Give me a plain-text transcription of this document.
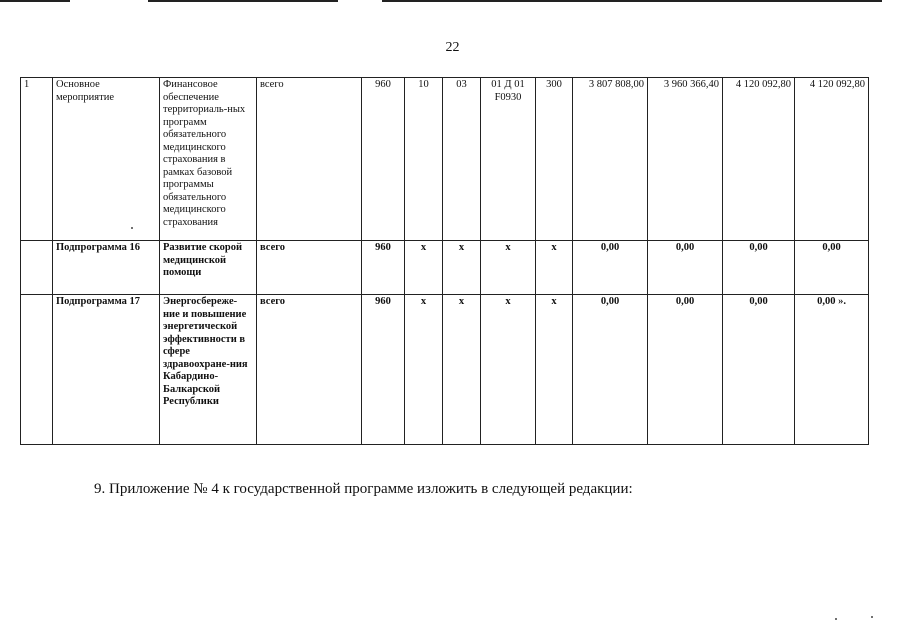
22
1	Основное мероприятие	Финансовое обеспечение территориаль-ных программ обязательного медицинского страхования в рамках базовой программы обязательного медицинского страхования	всего	960	10	03	01 Д 01 F0930	300	3 807 808,00	3 960 366,40	4 120 092,80	4 120 092,80
	Подпрограмма 16	Развитие скорой медицинской помощи	всего	960	x	x	x	x	0,00	0,00	0,00	0,00
	Подпрограмма 17	Энергосбереже-ние и повышение энергетической эффективности в сфере здравоохране-ния Кабардино-Балкарской Республики	всего	960	x	x	x	x	0,00	0,00	0,00	0,00 ».
9. Приложение № 4 к государственной программе изложить в следующей редакции:
